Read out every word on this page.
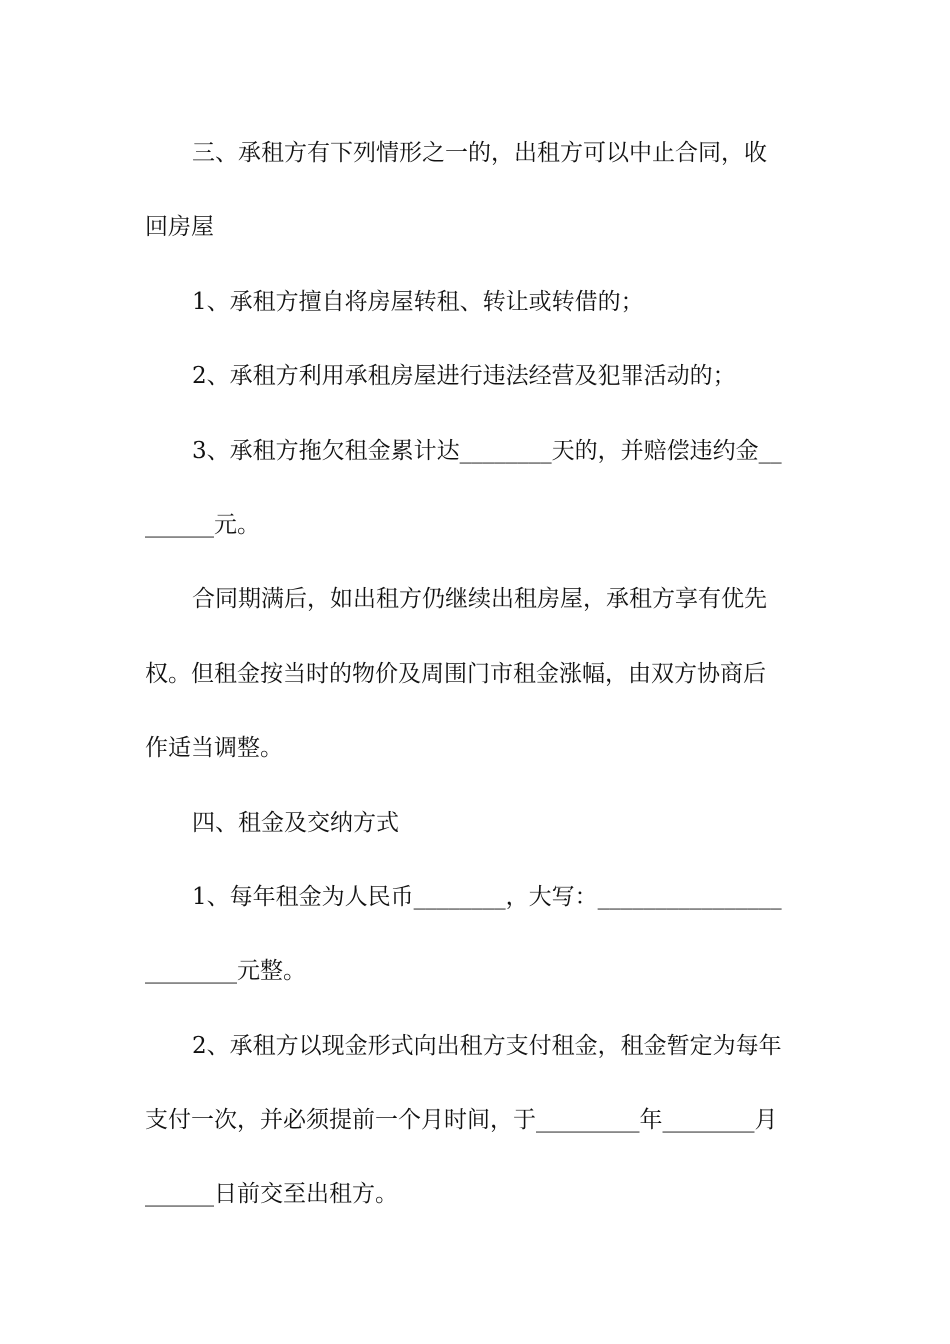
三、承租方有下列情形之一的，出租方可以中止合同，收

回房屋

1、承租方擅自将房屋转租、转让或转借的；

2、承租方利用承租房屋进行违法经营及犯罪活动的；

3、承租方拖欠租金累计达________天的，并赔偿违约金__

______元。

合同期满后，如出租方仍继续出租房屋，承租方享有优先

权。但租金按当时的物价及周围门市租金涨幅，由双方协商后

作适当调整。

四、租金及交纳方式

1、每年租金为人民币________，大写：________________

________元整。

2、承租方以现金形式向出租方支付租金，租金暂定为每年

支付一次，并必须提前一个月时间，于_________年________月

______日前交至出租方。
